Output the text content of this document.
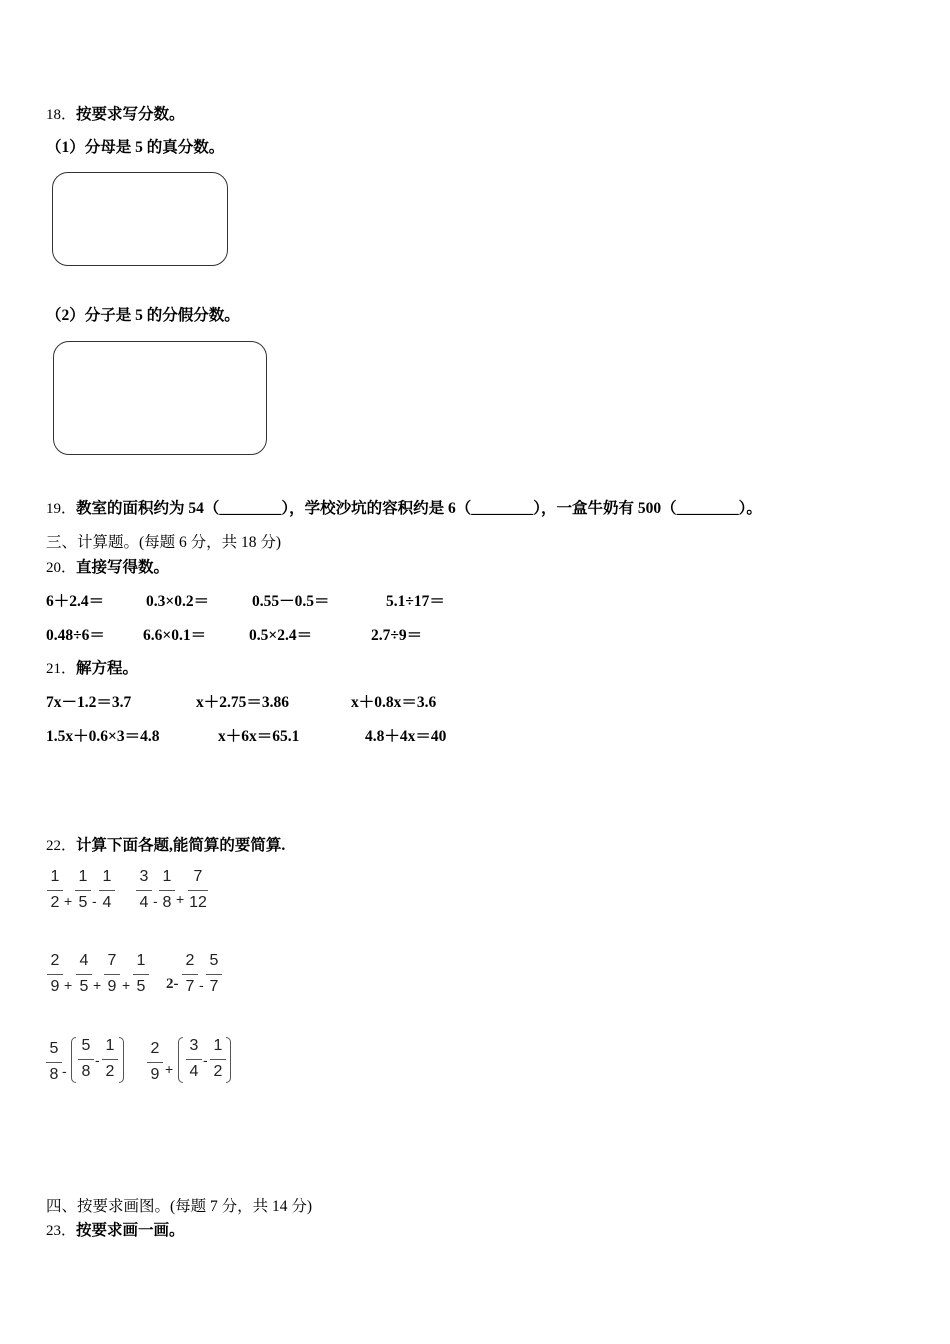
18．按要求写分数。
（1）分母是 5 的真分数。
（2）分子是 5 的分假分数。
19．教室的面积约为 54（________），学校沙坑的容积约是 6（________），一盒牛奶有 500（________）。
三、计算题。(每题 6 分，共 18 分)
20．直接写得数。
6＋2.4＝	0.3×0.2＝	0.55－0.5＝	5.1÷17＝
0.48÷6＝ 6.6×0.1＝	0.5×2.4＝	2.7÷9＝
21．解方程。
7x－1.2＝3.7	x＋2.75＝3.86	x＋0.8x＝3.6
1.5x＋0.6×3＝4.8	x＋6x＝65.1	4.8＋4x＝40
22．计算下面各题,能简算的要简算.
1
2 +
1
5 -
1
4
3
4 -
1
8 +
7
12
2
9 +
4
5 +
7
9 +
1
5	2-
2
7 -
5
7
5
8 -
5
8
-
1
2
2
9 +
3
4
-
1
2
四、按要求画图。(每题 7 分，共 14 分)
23．按要求画一画。
